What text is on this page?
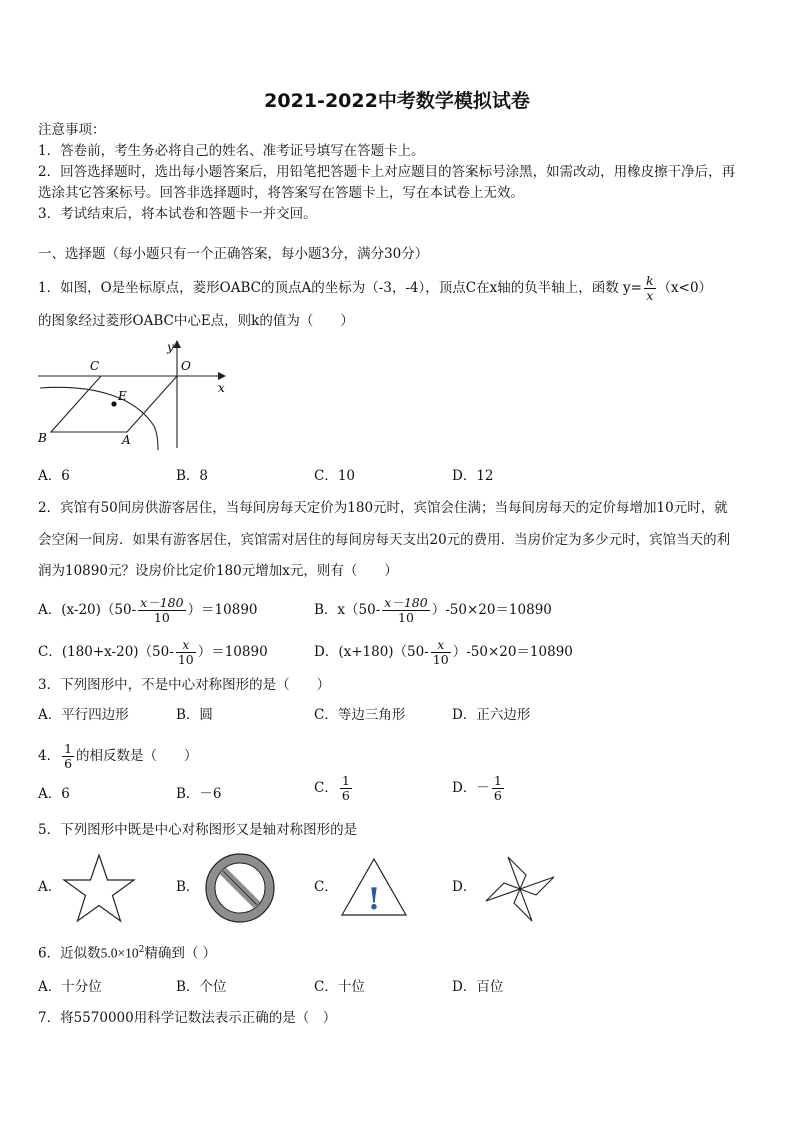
2021-2022中考数学模拟试卷
注意事项：
1．答卷前，考生务必将自己的姓名、准考证号填写在答题卡上。
2．回答选择题时，选出每小题答案后，用铅笔把答题卡上对应题目的答案标号涂黑，如需改动，用橡皮擦干净后，再
选涂其它答案标号。回答非选择题时，将答案写在答题卡上，写在本试卷上无效。
3．考试结束后，将本试卷和答题卡一并交回。
一、选择题（每小题只有一个正确答案，每小题3分，满分30分）
1．如图，O是坐标原点，菱形OABC的顶点A的坐标为（-3，-4），顶点C在x轴的负半轴上，函数 $y= \frac{k}{x} (x<0)$
的图象经过菱形OABC中心E点，则k的值为（　　）
y
x
C	O
E
B	A
A．6	B．8	C．10	D．12
2．宾馆有50间房供游客居住，当每间房每天定价为180元时，宾馆会住满；当每间房每天的定价每增加10元时，就
会空闲一间房．如果有游客居住，宾馆需对居住的每间房每天支出20元的费用．当房价定为多少元时，宾馆当天的利
润为10890元？设房价比定价180元增加x元，则有（　　）
A．$(x-20)(50- \frac{x-180}{10} )=10890$	B．$x(50- \frac{x-180}{10} )-50\times 20=10890$
C．$(180+x-20)(50- \frac{x}{10} )=10890$	D．$(x+180)(50- \frac{x}{10} )-50\times 20=10890$
3．下列图形中，不是中心对称图形的是（　　）
A．平行四边形	B．圆	C．等边三角形	D．正六边形
4． $\frac{1}{6}$ 的相反数是（　　）
A．6	B．－6	C． $\frac{1}{6}$	D．－ $\frac{1}{6}$
5．下列图形中既是中心对称图形又是轴对称图形的是
A．	B．	C． !	D．
6．近似数$5.0\times 10^2$精确到（ ）
A．十分位	B．个位	C．十位	D．百位
7．将5570000用科学记数法表示正确的是（　）
